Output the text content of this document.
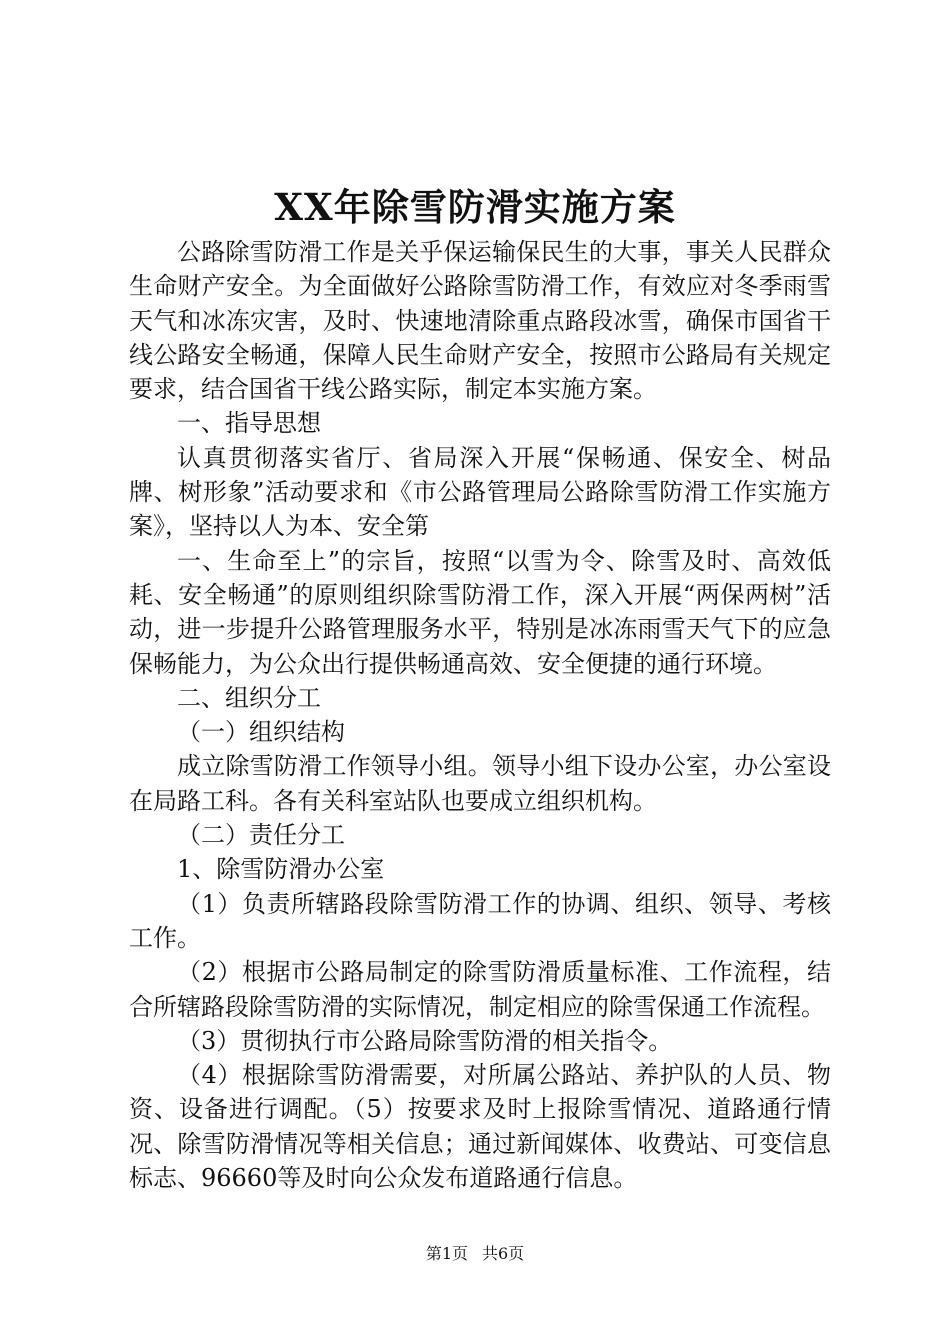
XX年除雪防滑实施方案

公路除雪防滑工作是关乎保运输保民生的大事，事关人民群众生命财产安全。为全面做好公路除雪防滑工作，有效应对冬季雨雪天气和冰冻灾害，及时、快速地清除重点路段冰雪，确保市国省干线公路安全畅通，保障人民生命财产安全，按照市公路局有关规定要求，结合国省干线公路实际，制定本实施方案。

一、指导思想

认真贯彻落实省厅、省局深入开展“保畅通、保安全、树品牌、树形象”活动要求和《市公路管理局公路除雪防滑工作实施方案》，坚持以人为本、安全第

一、生命至上”的宗旨，按照“以雪为令、除雪及时、高效低耗、安全畅通”的原则组织除雪防滑工作，深入开展“两保两树”活动，进一步提升公路管理服务水平，特别是冰冻雨雪天气下的应急保畅能力，为公众出行提供畅通高效、安全便捷的通行环境。

二、组织分工

（一）组织结构

成立除雪防滑工作领导小组。领导小组下设办公室，办公室设在局路工科。各有关科室站队也要成立组织机构。

（二）责任分工

1、除雪防滑办公室

（1）负责所辖路段除雪防滑工作的协调、组织、领导、考核工作。

（2）根据市公路局制定的除雪防滑质量标准、工作流程，结合所辖路段除雪防滑的实际情况，制定相应的除雪保通工作流程。

（3）贯彻执行市公路局除雪防滑的相关指令。

（4）根据除雪防滑需要，对所属公路站、养护队的人员、物资、设备进行调配。（5）按要求及时上报除雪情况、道路通行情况、除雪防滑情况等相关信息；通过新闻媒体、收费站、可变信息标志、96660等及时向公众发布道路通行信息。

第1页 共6页
